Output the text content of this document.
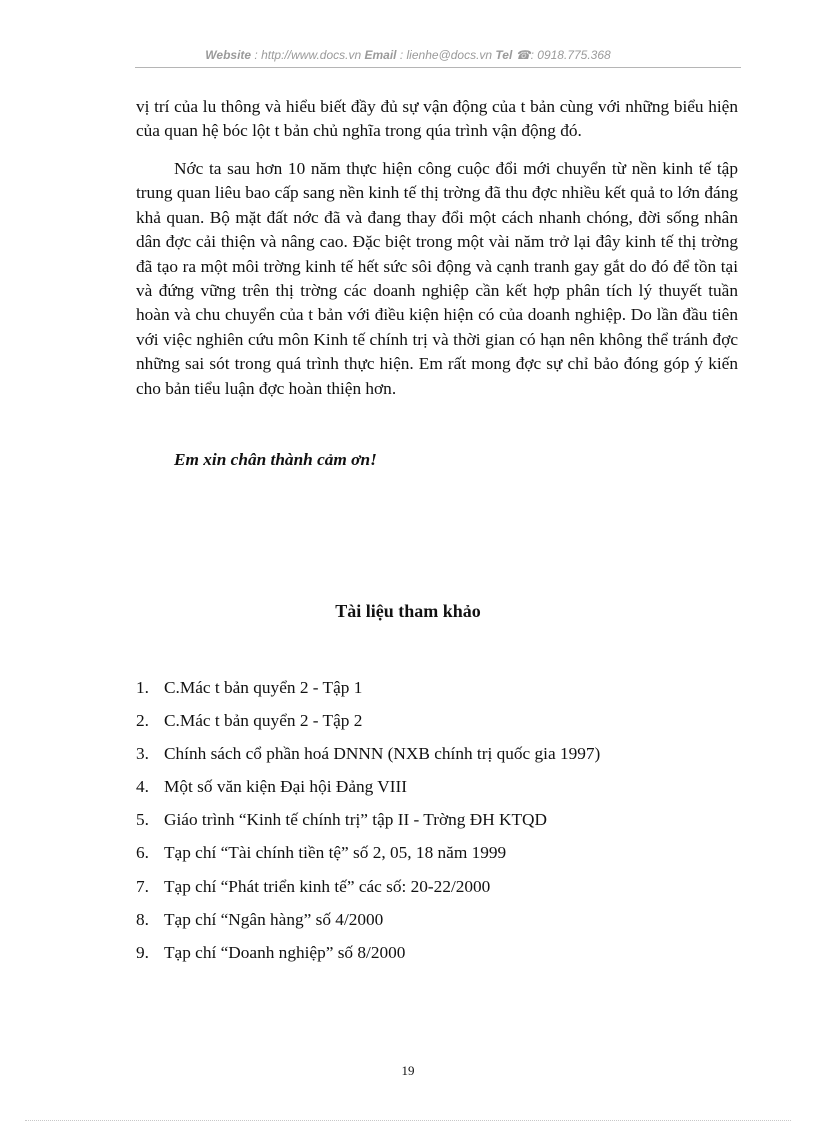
Website : http://www.docs.vn Email : lienhe@docs.vn Tel ☎: 0918.775.368
vị trí của lu thông và hiểu biết đầy đủ sự vận động của t bản cùng với những biểu hiện của quan hệ bóc lột t bản chủ nghĩa trong qúa trình vận động đó.
Nớc ta sau hơn 10 năm thực hiện công cuộc đổi mới chuyển từ nền kinh tế tập trung quan liêu bao cấp sang nền kinh tế thị trờng đã thu đợc nhiều kết quả to lớn đáng khả quan. Bộ mặt đất nớc đã và đang thay đổi một cách nhanh chóng, đời sống nhân dân đợc cải thiện và nâng cao. Đặc biệt trong một vài năm trở lại đây kinh tế thị trờng đã tạo ra một môi trờng kinh tế hết sức sôi động và cạnh tranh gay gắt do đó để tồn tại và đứng vững trên thị trờng các doanh nghiệp cần kết hợp phân tích lý thuyết tuần hoàn và chu chuyển của t bản với điều kiện hiện có của doanh nghiệp. Do lần đầu tiên với việc nghiên cứu môn Kinh tế chính trị và thời gian có hạn nên không thể tránh đợc những sai sót trong quá trình thực hiện. Em rất mong đợc sự chỉ bảo đóng góp ý kiến cho bản tiểu luận đợc hoàn thiện hơn.
Em xin chân thành cảm ơn!
Tài liệu tham khảo
1. C.Mác t bản quyển 2 - Tập 1
2. C.Mác t bản quyển 2 - Tập 2
3. Chính sách cổ phần hoá DNNN (NXB chính trị quốc gia 1997)
4. Một số văn kiện Đại hội Đảng VIII
5. Giáo trình “Kinh tế chính trị” tập II - Trờng ĐH KTQD
6. Tạp chí “Tài chính tiền tệ” số 2, 05, 18 năm 1999
7. Tạp chí “Phát triển kinh tế” các số: 20-22/2000
8. Tạp chí “Ngân hàng” số 4/2000
9. Tạp chí “Doanh nghiệp” số 8/2000
19
